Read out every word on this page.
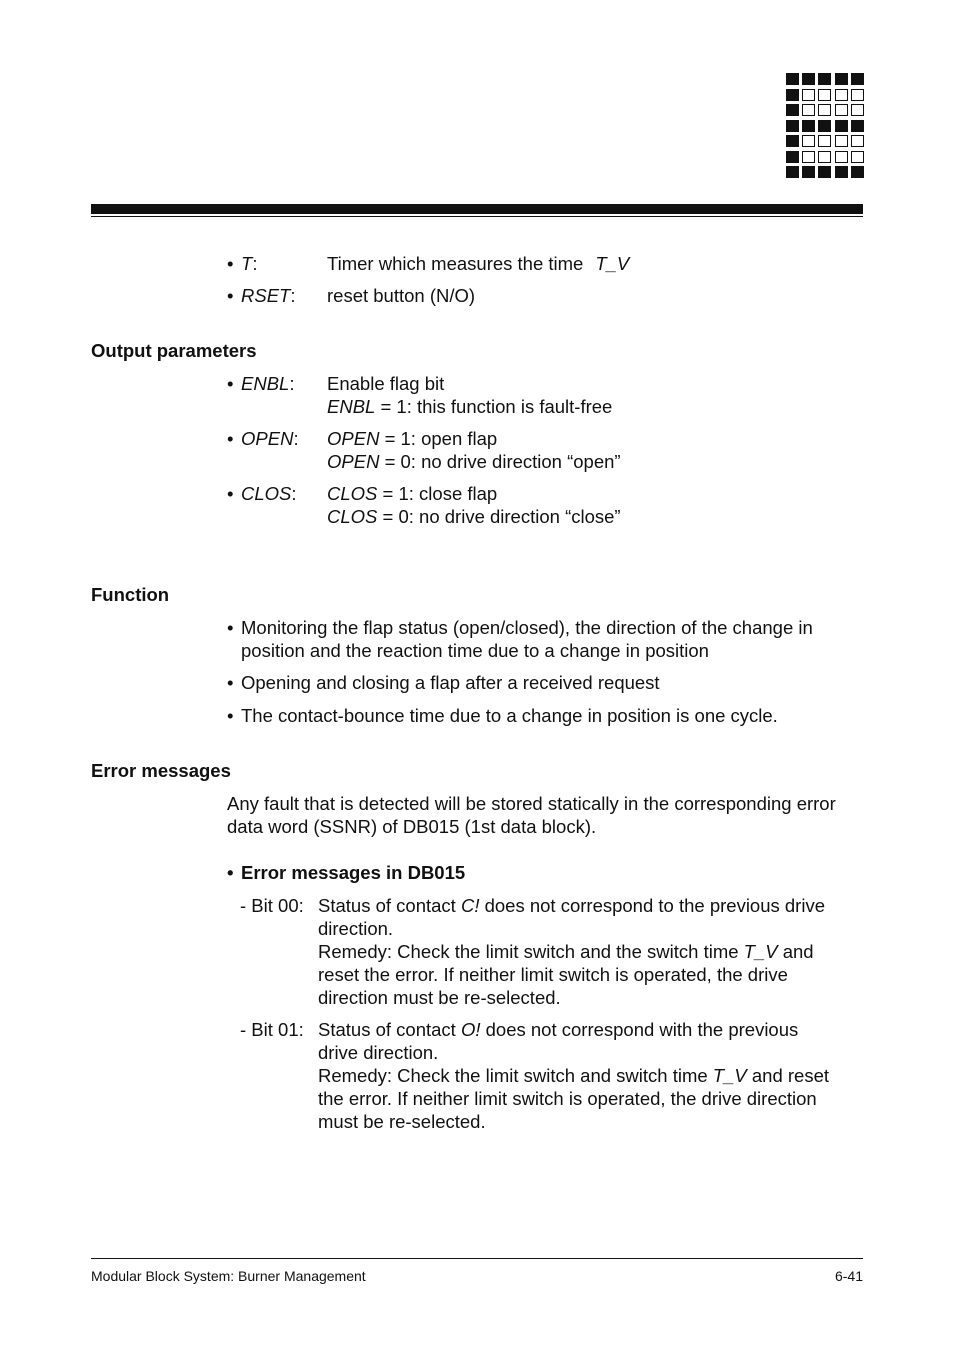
• T:	Timer which measures the time T_V
• RSET: reset button (N/O)
Output parameters
• ENBL: Enable flag bit
ENBL = 1: this function is fault-free
• OPEN: OPEN = 1: open flap
OPEN = 0: no drive direction “open”
• CLOS: CLOS = 1: close flap
CLOS = 0: no drive direction “close”
Function
• Monitoring the flap status (open/closed), the direction of the change in
position and the reaction time due to a change in position
• Opening and closing a flap after a received request
• The contact-bounce time due to a change in position is one cycle.
Error messages
Any fault that is detected will be stored statically in the corresponding error
data word (SSNR) of DB015 (1st data block).
• Error messages in DB015
- Bit 00: Status of contact C! does not correspond to the previous drive
direction.
Remedy: Check the limit switch and the switch time T_V and
reset the error. If neither limit switch is operated, the drive
direction must be re-selected.
- Bit 01: Status of contact O! does not correspond with the previous
drive direction.
Remedy: Check the limit switch and switch time T_V and reset
the error. If neither limit switch is operated, the drive direction
must be re-selected.
Modular Block System: Burner Management	6-41
